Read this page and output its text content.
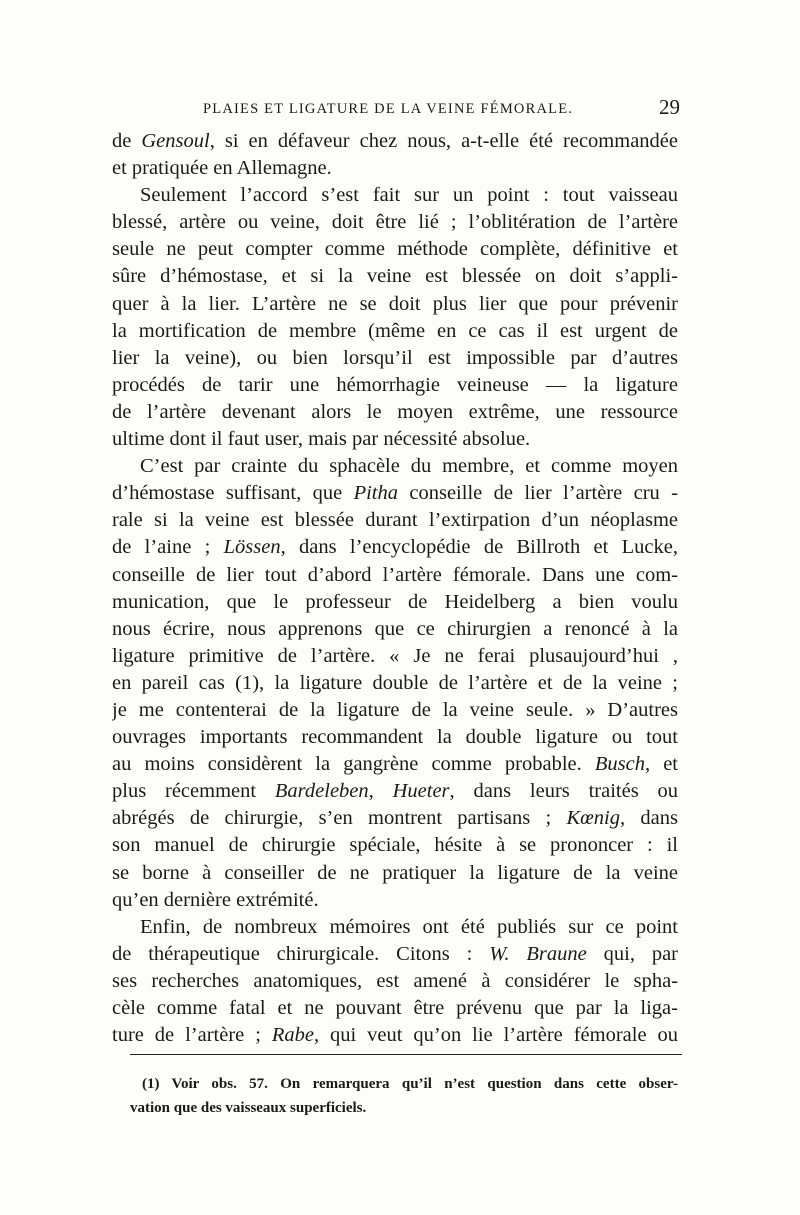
PLAIES ET LIGATURE DE LA VEINE FÉMORALE.	29
de Gensoul, si en défaveur chez nous, a-t-elle été recommandée
et pratiquée en Allemagne.
Seulement l’accord s’est fait sur un point : tout vaisseau
blessé, artère ou veine, doit être lié ; l’oblitération de l’artère
seule ne peut compter comme méthode complète, définitive et
sûre d’hémostase, et si la veine est blessée on doit s’appli-
quer à la lier. L’artère ne se doit plus lier que pour prévenir
la mortification de membre (même en ce cas il est urgent de
lier la veine), ou bien lorsqu’il est impossible par d’autres
procédés de tarir une hémorrhagie veineuse — la ligature
de l’artère devenant alors le moyen extrême, une ressource
ultime dont il faut user, mais par nécessité absolue.
C’est par crainte du sphacèle du membre, et comme moyen
d’hémostase suffisant, que Pitha conseille de lier l’artère cru -
rale si la veine est blessée durant l’extirpation d’un néoplasme
de l’aine ; Lössen, dans l’encyclopédie de Billroth et Lucke,
conseille de lier tout d’abord l’artère fémorale. Dans une com-
munication, que le professeur de Heidelberg a bien voulu
nous écrire, nous apprenons que ce chirurgien a renoncé à la
ligature primitive de l’artère. « Je ne ferai plusaujourd’hui ,
en pareil cas (1), la ligature double de l’artère et de la veine ;
je me contenterai de la ligature de la veine seule. » D’autres
ouvrages importants recommandent la double ligature ou tout
au moins considèrent la gangrène comme probable. Busch, et
plus récemment Bardeleben, Hueter, dans leurs traités ou
abrégés de chirurgie, s’en montrent partisans ; Kœnig, dans
son manuel de chirurgie spéciale, hésite à se prononcer : il
se borne à conseiller de ne pratiquer la ligature de la veine
qu’en dernière extrémité.
Enfin, de nombreux mémoires ont été publiés sur ce point
de thérapeutique chirurgicale. Citons : W. Braune qui, par
ses recherches anatomiques, est amené à considérer le spha-
cèle comme fatal et ne pouvant être prévenu que par la liga-
ture de l’artère ; Rabe, qui veut qu’on lie l’artère fémorale ou
(1) Voir obs. 57. On remarquera qu’il n’est question dans cette obser-
vation que des vaisseaux superficiels.
